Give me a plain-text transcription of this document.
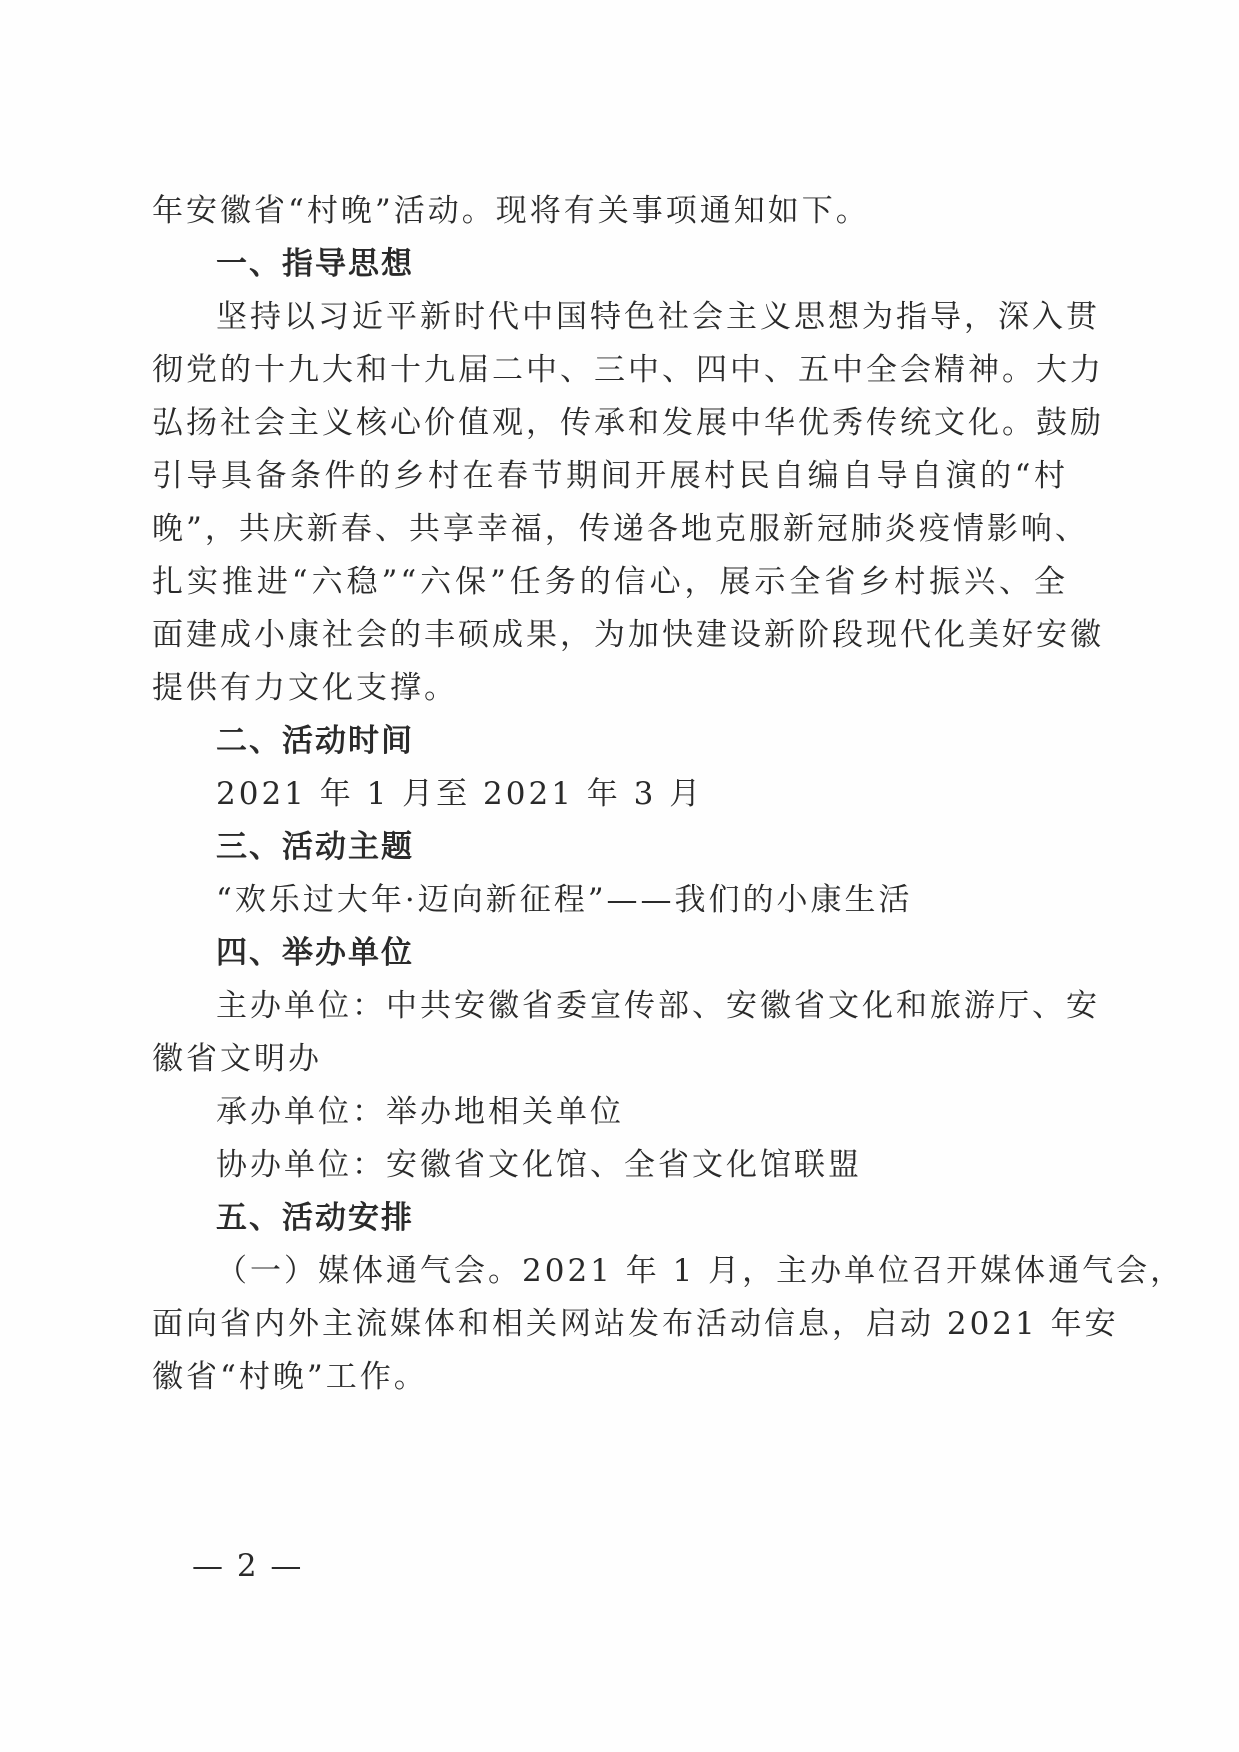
年安徽省“村晚”活动。现将有关事项通知如下。
一、指导思想
坚持以习近平新时代中国特色社会主义思想为指导，深入贯
彻党的十九大和十九届二中、三中、四中、五中全会精神。大力
弘扬社会主义核心价值观，传承和发展中华优秀传统文化。鼓励
引导具备条件的乡村在春节期间开展村民自编自导自演的“村
晚”，共庆新春、共享幸福，传递各地克服新冠肺炎疫情影响、
扎实推进“六稳”“六保”任务的信心，展示全省乡村振兴、全
面建成小康社会的丰硕成果，为加快建设新阶段现代化美好安徽
提供有力文化支撑。
二、活动时间
2021 年 1 月至 2021 年 3 月
三、活动主题
“欢乐过大年·迈向新征程”——我们的小康生活
四、举办单位
主办单位：中共安徽省委宣传部、安徽省文化和旅游厅、安
徽省文明办
承办单位：举办地相关单位
协办单位：安徽省文化馆、全省文化馆联盟
五、活动安排
（一）媒体通气会。2021 年 1 月，主办单位召开媒体通气会，
面向省内外主流媒体和相关网站发布活动信息，启动 2021 年安
徽省“村晚”工作。
— 2 —
